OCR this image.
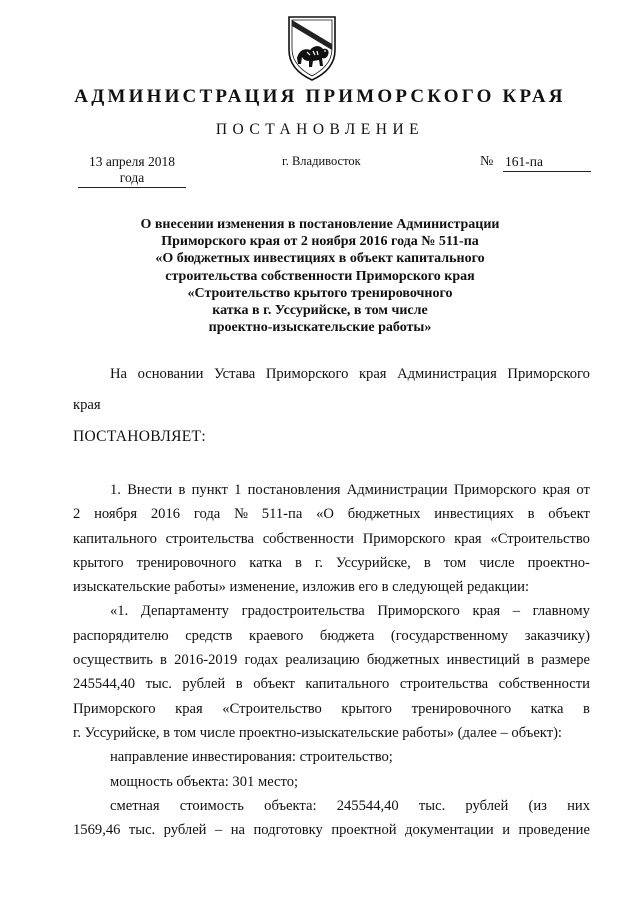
АДМИНИСТРАЦИЯ ПРИМОРСКОГО КРАЯ
ПОСТАНОВЛЕНИЕ
13 апреля 2018 года
г. Владивосток	№ 161-па
О внесении изменения в постановление Администрации
Приморского края от 2 ноября 2016 года № 511-па
«О бюджетных инвестициях в объект капитального
строительства собственности Приморского края
«Строительство крытого тренировочного
катка в г. Уссурийске, в том числе
проектно-изыскательские работы»
На основании Устава Приморского края Администрация Приморского
края
ПОСТАНОВЛЯЕТ:
1. Внести в пункт 1 постановления Администрации Приморского края от
2 ноября 2016 года № 511-па «О бюджетных инвестициях в объект
капитального строительства собственности Приморского края «Строительство
крытого тренировочного катка в г. Уссурийске, в том числе проектно-
изыскательские работы» изменение, изложив его в следующей редакции:
«1. Департаменту градостроительства Приморского края – главному
распорядителю средств краевого бюджета (государственному заказчику)
осуществить в 2016-2019 годах реализацию бюджетных инвестиций в размере
245544,40 тыс. рублей в объект капитального строительства собственности
Приморского края «Строительство крытого тренировочного катка в
г. Уссурийске, в том числе проектно-изыскательские работы» (далее – объект):
направление инвестирования: строительство;
мощность объекта: 301 место;
сметная стоимость объекта: 245544,40 тыс. рублей (из них
1569,46 тыс. рублей – на подготовку проектной документации и проведение
